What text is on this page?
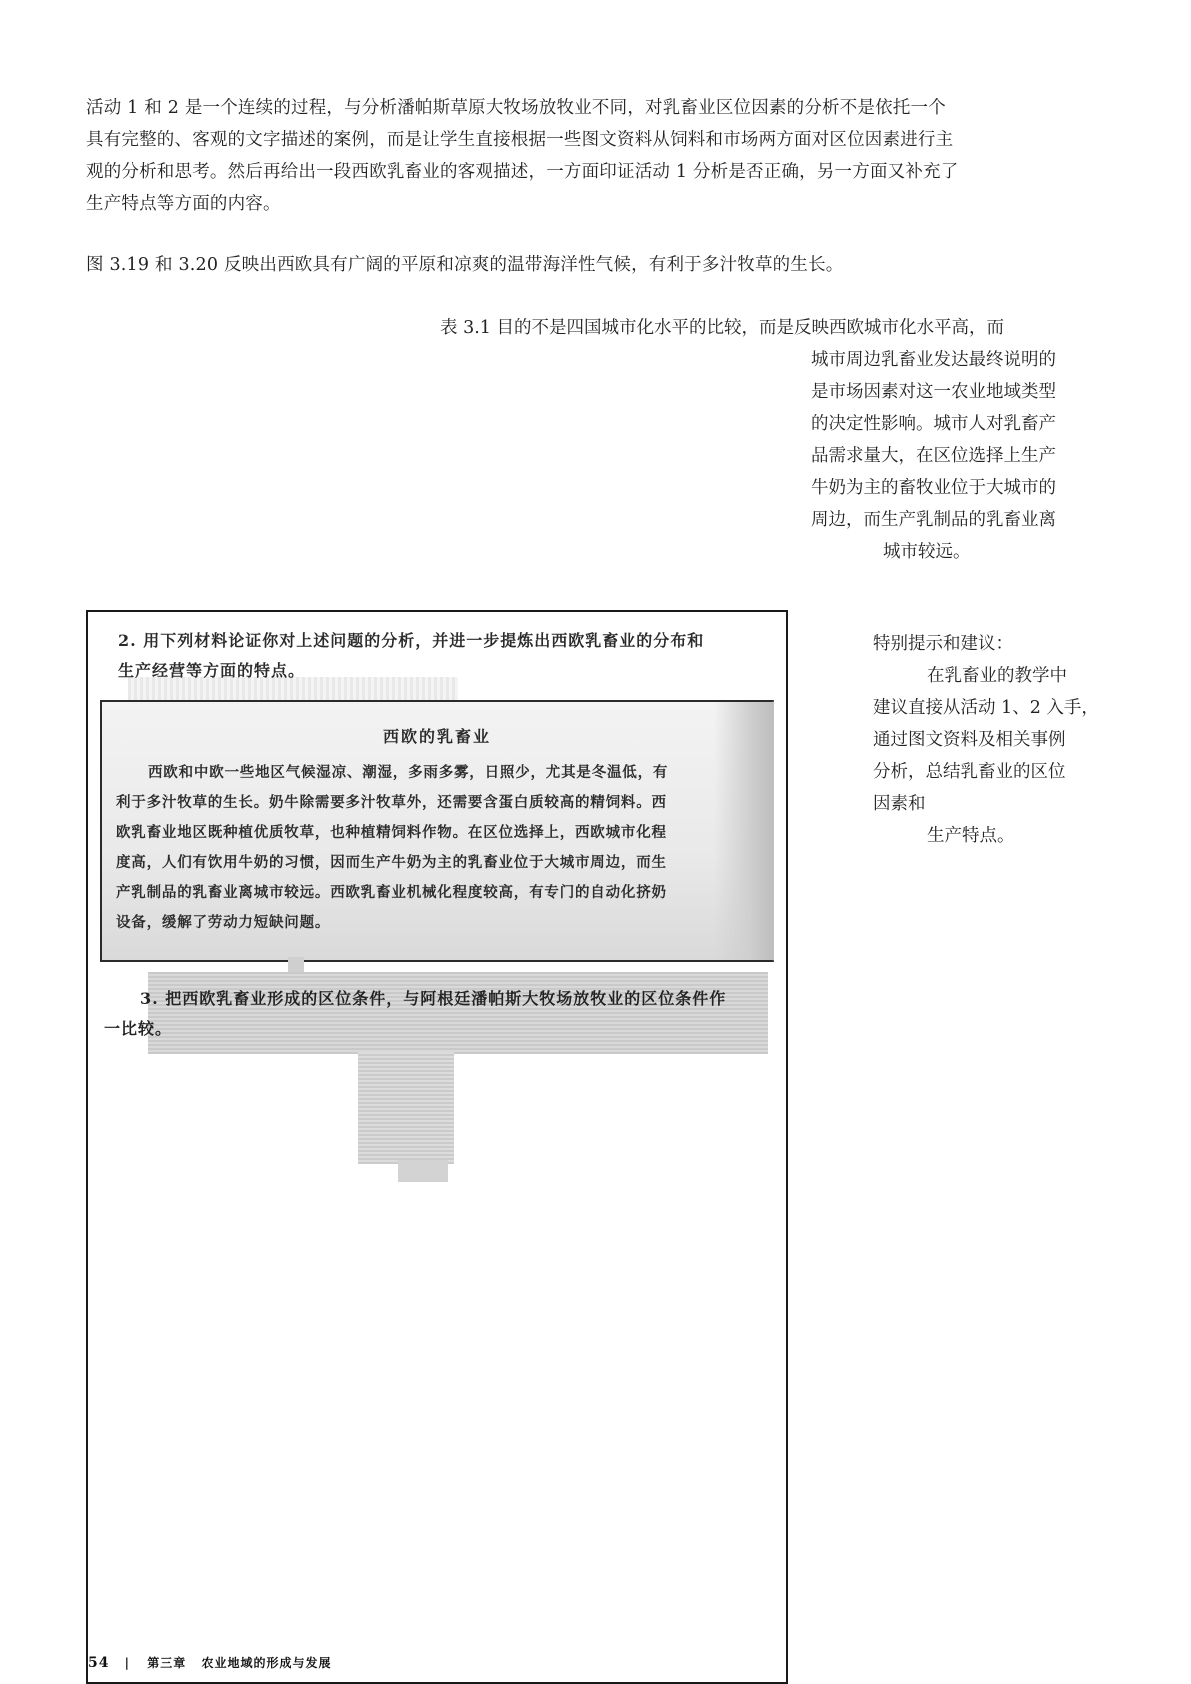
活动 1 和 2 是一个连续的过程，与分析潘帕斯草原大牧场放牧业不同，对乳畜业区位因素的分析不是依托一个
具有完整的、客观的文字描述的案例，而是让学生直接根据一些图文资料从饲料和市场两方面对区位因素进行主
观的分析和思考。然后再给出一段西欧乳畜业的客观描述，一方面印证活动 1 分析是否正确，另一方面又补充了
生产特点等方面的内容。
图 3.19 和 3.20 反映出西欧具有广阔的平原和凉爽的温带海洋性气候，有利于多汁牧草的生长。
表 3.1 目的不是四国城市化水平的比较，而是反映西欧城市化水平高，而
城市周边乳畜业发达最终说明的
是市场因素对这一农业地域类型
的决定性影响。城市人对乳畜产
品需求量大，在区位选择上生产
牛奶为主的畜牧业位于大城市的
周边，而生产乳制品的乳畜业离
城市较远。
2. 用下列材料论证你对上述问题的分析，并进一步提炼出西欧乳畜业的分布和
生产经营等方面的特点。
西欧的乳畜业
西欧和中欧一些地区气候湿凉、潮湿，多雨多雾，日照少，尤其是冬温低，有
利于多汁牧草的生长。奶牛除需要多汁牧草外，还需要含蛋白质较高的精饲料。西
欧乳畜业地区既种植优质牧草，也种植精饲料作物。在区位选择上，西欧城市化程
度高，人们有饮用牛奶的习惯，因而生产牛奶为主的乳畜业位于大城市周边，而生
产乳制品的乳畜业离城市较远。西欧乳畜业机械化程度较高，有专门的自动化挤奶
设备，缓解了劳动力短缺问题。
3. 把西欧乳畜业形成的区位条件，与阿根廷潘帕斯大牧场放牧业的区位条件作
一比较。
54 | 第三章 农业地域的形成与发展
特别提示和建议：
在乳畜业的教学中
建议直接从活动 1、2 入手，
通过图文资料及相关事例
分析，总结乳畜业的区位
因素和
生产特点。
